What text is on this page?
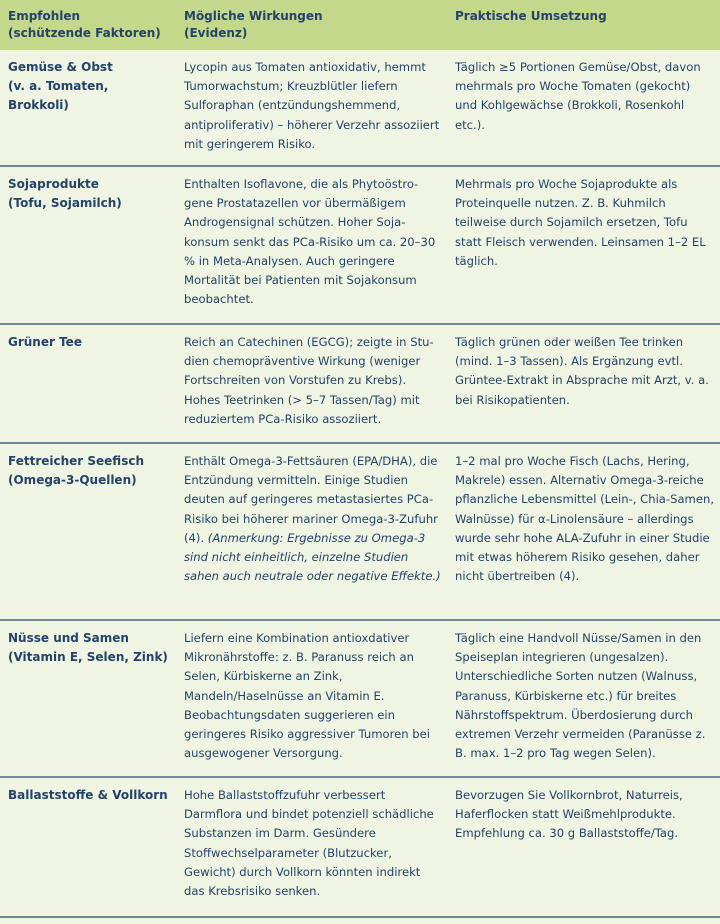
Empfohlen
(schützende Faktoren)
Mögliche Wirkungen
(Evidenz)
Praktische Umsetzung
Gemüse & Obst
(v. a. Tomaten, Brokkoli)
Lycopin aus Tomaten antioxidativ, hemmt Tumorwachstum; Kreuzblütler liefern Sulforaphan (entzündungshemmend, antiproliferativ) – höherer Verzehr assoziiert mit geringerem Risiko.
Täglich ≥5 Portionen Gemüse/Obst, davon mehrmals pro Woche Tomaten (gekocht) und Kohlgewächse (Brokkoli, Rosenkohl etc.).
Sojaprodukte
(Tofu, Sojamilch)
Enthalten Isoflavone, die als Phytoöstrogene Prostatazellen vor übermäßigem Androgensignal schützen. Hoher Sojakonsum senkt das PCa-Risiko um ca. 20–30 % in Meta-Analysen. Auch geringere Mortalität bei Patienten mit Sojakonsum beobachtet.
Mehrmals pro Woche Sojaprodukte als Proteinquelle nutzen. Z. B. Kuhmilch teilweise durch Sojamilch ersetzen, Tofu statt Fleisch verwenden. Leinsamen 1–2 EL täglich.
Grüner Tee	Reich an Catechinen (EGCG); zeigte in Studien chemopräventive Wirkung (weniger Fortschreiten von Vorstufen zu Krebs). Hohes Teetrinken (> 5–7 Tassen/Tag) mit reduziertem PCa-Risiko assoziiert.
Täglich grünen oder weißen Tee trinken (mind. 1–3 Tassen). Als Ergänzung evtl. Grüntee-Extrakt in Absprache mit Arzt, v. a. bei Risikopatienten.
Fettreicher Seefisch
(Omega-3-Quellen)
Enthält Omega-3-Fettsäuren (EPA/DHA), die Entzündung vermitteln. Einige Studien deuten auf geringeres metastasiertes PCa-Risiko bei höherer mariner Omega-3-Zufuhr (4). (Anmerkung: Ergebnisse zu Omega-3 sind nicht einheitlich, einzelne Studien sahen auch neutrale oder negative Effekte.)
1–2 mal pro Woche Fisch (Lachs, Hering, Makrele) essen. Alternativ Omega-3-reiche pflanzliche Lebensmittel (Lein-, Chia-Samen, Walnüsse) für α-Linolensäure – allerdings wurde sehr hohe ALA-Zufuhr in einer Studie mit etwas höherem Risiko gesehen, daher nicht übertreiben (4).
Nüsse und Samen
(Vitamin E, Selen, Zink)
Liefern eine Kombination antioxdativer Mikronährstoffe: z. B. Paranuss reich an Selen, Kürbiskerne an Zink, Mandeln/Haselnüsse an Vitamin E. Beobachtungsdaten suggerieren ein geringeres Risiko aggressiver Tumoren bei ausgewogener Versorgung.
Täglich eine Handvoll Nüsse/Samen in den Speiseplan integrieren (ungesalzen). Unterschiedliche Sorten nutzen (Walnuss, Paranuss, Kürbiskerne etc.) für breites Nährstoffspektrum. Überdosierung durch extremen Verzehr vermeiden (Paranüsse z. B. max. 1–2 pro Tag wegen Selen).
Ballaststoffe & Vollkorn	Hohe Ballaststoffzufuhr verbessert Darmflora und bindet potenziell schädliche Substanzen im Darm. Gesündere Stoffwechselparameter (Blutzucker, Gewicht) durch Vollkorn könnten indirekt das Krebsrisiko senken.
Bevorzugen Sie Vollkornbrot, Naturreis, Haferflocken statt Weißmehlprodukte. Empfehlung ca. 30 g Ballaststoffe/Tag.
